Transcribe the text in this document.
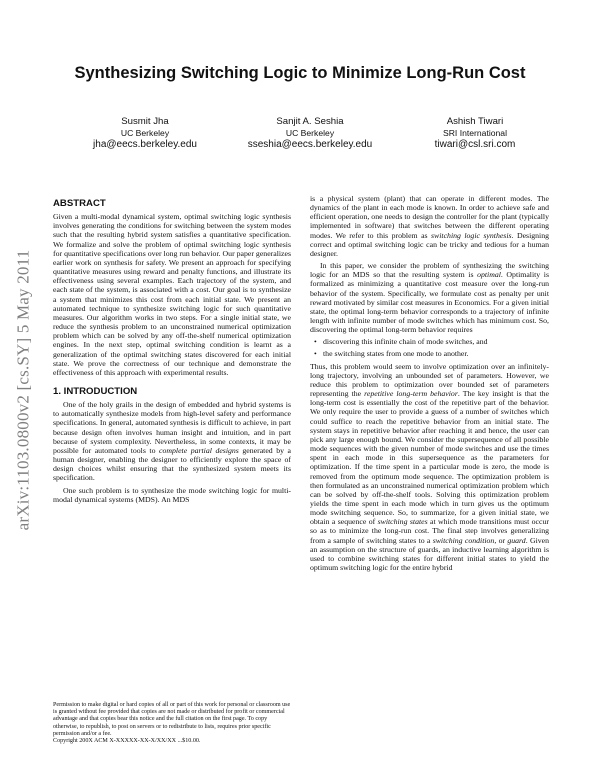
arXiv:1103.0800v2 [cs.SY] 5 May 2011
Synthesizing Switching Logic to Minimize Long-Run Cost
Susmit Jha
UC Berkeley
jha@eecs.berkeley.edu
Sanjit A. Seshia
UC Berkeley
sseshia@eecs.berkeley.edu
Ashish Tiwari
SRI International
tiwari@csl.sri.com
ABSTRACT

Given a multi-modal dynamical system, optimal switching logic synthesis involves generating the conditions for switching between the system modes such that the resulting hybrid system satisfies a quantitative specification. We formalize and solve the problem of optimal switching logic synthesis for quantitative specifications over long run behavior. Our paper generalizes earlier work on synthesis for safety. We present an approach for specifying quantitative measures using reward and penalty functions, and illustrate its effectiveness using several examples. Each trajectory of the system, and each state of the system, is associated with a cost. Our goal is to synthesize a system that minimizes this cost from each initial state. We present an automated technique to synthesize switching logic for such quantitative measures. Our algorithm works in two steps. For a single initial state, we reduce the synthesis problem to an unconstrained numerical optimization problem which can be solved by any off-the-shelf numerical optimization engines. In the next step, optimal switching condition is learnt as a generalization of the optimal switching states discovered for each initial state. We prove the correctness of our technique and demonstrate the effectiveness of this approach with experimental results.

1. INTRODUCTION

One of the holy grails in the design of embedded and hybrid systems is to automatically synthesize models from high-level safety and performance specifications. In general, automated synthesis is difficult to achieve, in part because design often involves human insight and intuition, and in part because of system complexity. Nevertheless, in some contexts, it may be possible for automated tools to complete partial designs generated by a human designer, enabling the designer to efficiently explore the space of design choices whilst ensuring that the synthesized system meets its specification.

One such problem is to synthesize the mode switching logic for multi-modal dynamical systems (MDS). An MDS

Permission to make digital or hard copies of all or part of this work for personal or classroom use is granted without fee provided that copies are not made or distributed for profit or commercial advantage and that copies bear this notice and the full citation on the first page. To copy otherwise, to republish, to post on servers or to redistribute to lists, requires prior specific permission and/or a fee.

Copyright 200X ACM X-XXXXX-XX-X/XX/XX ...$10.00.

is a physical system (plant) that can operate in different modes. The dynamics of the plant in each mode is known. In order to achieve safe and efficient operation, one needs to design the controller for the plant (typically implemented in software) that switches between the different operating modes. We refer to this problem as switching logic synthesis. Designing correct and optimal switching logic can be tricky and tedious for a human designer.

In this paper, we consider the problem of synthesizing the switching logic for an MDS so that the resulting system is optimal. Optimality is formalized as minimizing a quantitative cost measure over the long-run behavior of the system. Specifically, we formulate cost as penalty per unit reward motivated by similar cost measures in Economics. For a given initial state, the optimal long-term behavior corresponds to a trajectory of infinite length with infinite number of mode switches which has minimum cost. So, discovering the optimal long-term behavior requires

• discovering this infinite chain of mode switches, and
• the switching states from one mode to another.

Thus, this problem would seem to involve optimization over an infinitely-long trajectory, involving an unbounded set of parameters. However, we reduce this problem to optimization over bounded set of parameters representing the repetitive long-term behavior. The key insight is that the long-term cost is essentially the cost of the repetitive part of the behavior. We only require the user to provide a guess of a number of switches which could suffice to reach the repetitive behavior from an initial state. The system stays in repetitive behavior after reaching it and hence, the user can pick any large enough bound. We consider the supersequence of all possible mode sequences with the given number of mode switches and use the times spent in each mode in this supersequence as the parameters for optimization. If the time spent in a particular mode is zero, the mode is removed from the optimum mode sequence. The optimization problem is then formulated as an unconstrained numerical optimization problem which can be solved by off-the-shelf tools. Solving this optimization problem yields the time spent in each mode which in turn gives us the optimum mode switching sequence. So, to summarize, for a given initial state, we obtain a sequence of switching states at which mode transitions must occur so as to minimize the long-run cost. The final step involves generalizing from a sample of switching states to a switching condition, or guard. Given an assumption on the structure of guards, an inductive learning algorithm is used to combine switching states for different initial states to yield the optimum switching logic for the entire hybrid
